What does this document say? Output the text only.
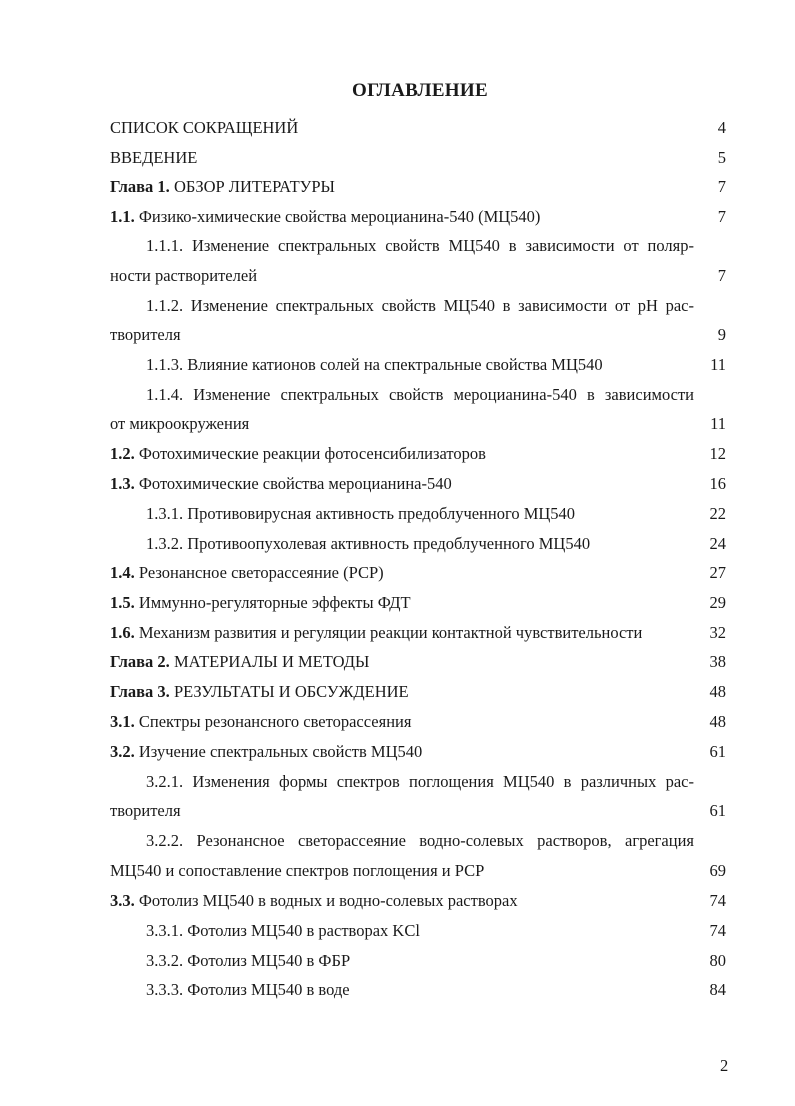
ОГЛАВЛЕНИЕ
СПИСОК СОКРАЩЕНИЙ	4
ВВЕДЕНИЕ	5
Глава 1. ОБЗОР ЛИТЕРАТУРЫ	7
1.1. Физико-химические свойства мероцианина-540 (МЦ540)	7
1.1.1. Изменение спектральных свойств МЦ540 в зависимости от поляр-
ности растворителей	7
1.1.2. Изменение спектральных свойств МЦ540 в зависимости от рН рас-
творителя	9
1.1.3. Влияние катионов солей на спектральные свойства МЦ540	11
1.1.4. Изменение спектральных свойств мероцианина-540 в зависимости
от микроокружения	11
1.2. Фотохимические реакции фотосенсибилизаторов	12
1.3. Фотохимические свойства мероцианина-540	16
1.3.1. Противовирусная активность предоблученного МЦ540	22
1.3.2. Противоопухолевая активность предоблученного МЦ540	24
1.4. Резонансное светорассеяние (РСР)	27
1.5. Иммунно-регуляторные эффекты ФДТ	29
1.6. Механизм развития и регуляции реакции контактной чувствительности	32
Глава 2. МАТЕРИАЛЫ И МЕТОДЫ	38
Глава 3. РЕЗУЛЬТАТЫ И ОБСУЖДЕНИЕ	48
3.1. Спектры резонансного светорассеяния	48
3.2. Изучение спектральных свойств МЦ540	61
3.2.1. Изменения формы спектров поглощения МЦ540 в различных рас-
творителя	61
3.2.2. Резонансное светорассеяние водно-солевых растворов, агрегация
МЦ540 и сопоставление спектров поглощения и РСР	69
3.3. Фотолиз МЦ540 в водных и водно-солевых растворах	74
3.3.1. Фотолиз МЦ540 в растворах KCl	74
3.3.2. Фотолиз МЦ540 в ФБР	80
3.3.3. Фотолиз МЦ540 в воде	84
2
